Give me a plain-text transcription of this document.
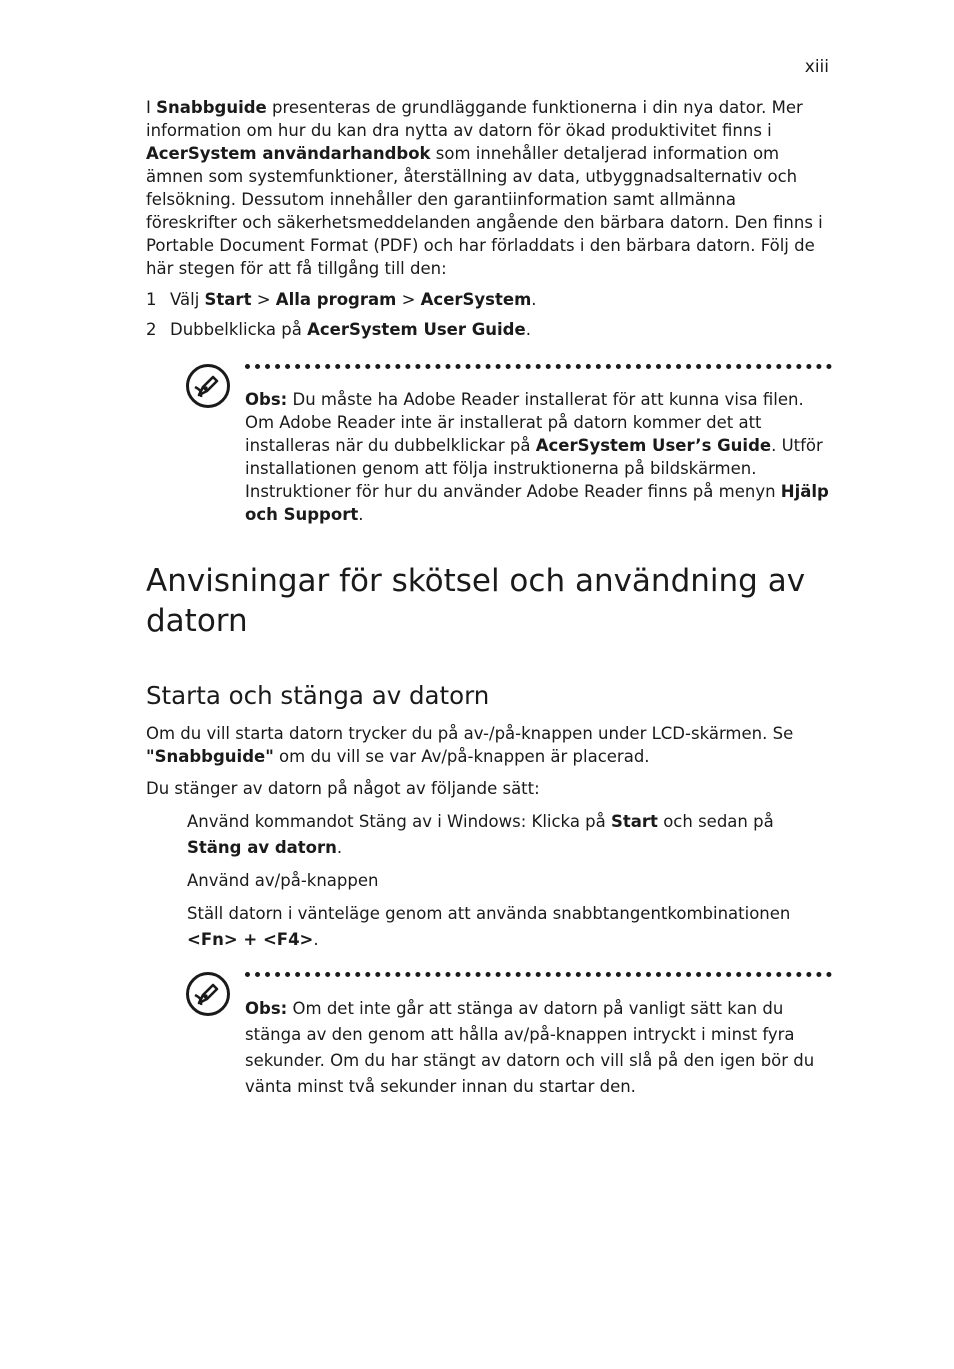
xiii

I Snabbguide presenteras de grundläggande funktionerna i din nya dator. Mer information om hur du kan dra nytta av datorn för ökad produktivitet finns i AcerSystem användarhandbok som innehåller detaljerad information om ämnen som systemfunktioner, återställning av data, utbyggnadsalternativ och felsökning. Dessutom innehåller den garantiinformation samt allmänna föreskrifter och säkerhetsmeddelanden angående den bärbara datorn. Den finns i Portable Document Format (PDF) och har förladdats i den bärbara datorn. Följ de här stegen för att få tillgång till den:

1 Välj Start > Alla program > AcerSystem.
2 Dubbelklicka på AcerSystem User Guide.

Obs: Du måste ha Adobe Reader installerat för att kunna visa filen. Om Adobe Reader inte är installerat på datorn kommer det att installeras när du dubbelklickar på AcerSystem User’s Guide. Utför installationen genom att följa instruktionerna på bildskärmen. Instruktioner för hur du använder Adobe Reader finns på menyn Hjälp och Support.

Anvisningar för skötsel och användning av datorn
Starta och stänga av datorn

Om du vill starta datorn trycker du på av-/på-knappen under LCD-skärmen. Se "Snabbguide" om du vill se var Av/på-knappen är placerad.

Du stänger av datorn på något av följande sätt:

Använd kommandot Stäng av i Windows: Klicka på Start och sedan på Stäng av datorn.

Använd av/på-knappen

Ställ datorn i vänteläge genom att använda snabbtangentkombinationen <Fn> + <F4>.

Obs: Om det inte går att stänga av datorn på vanligt sätt kan du stänga av den genom att hålla av/på-knappen intryckt i minst fyra sekunder. Om du har stängt av datorn och vill slå på den igen bör du vänta minst två sekunder innan du startar den.
